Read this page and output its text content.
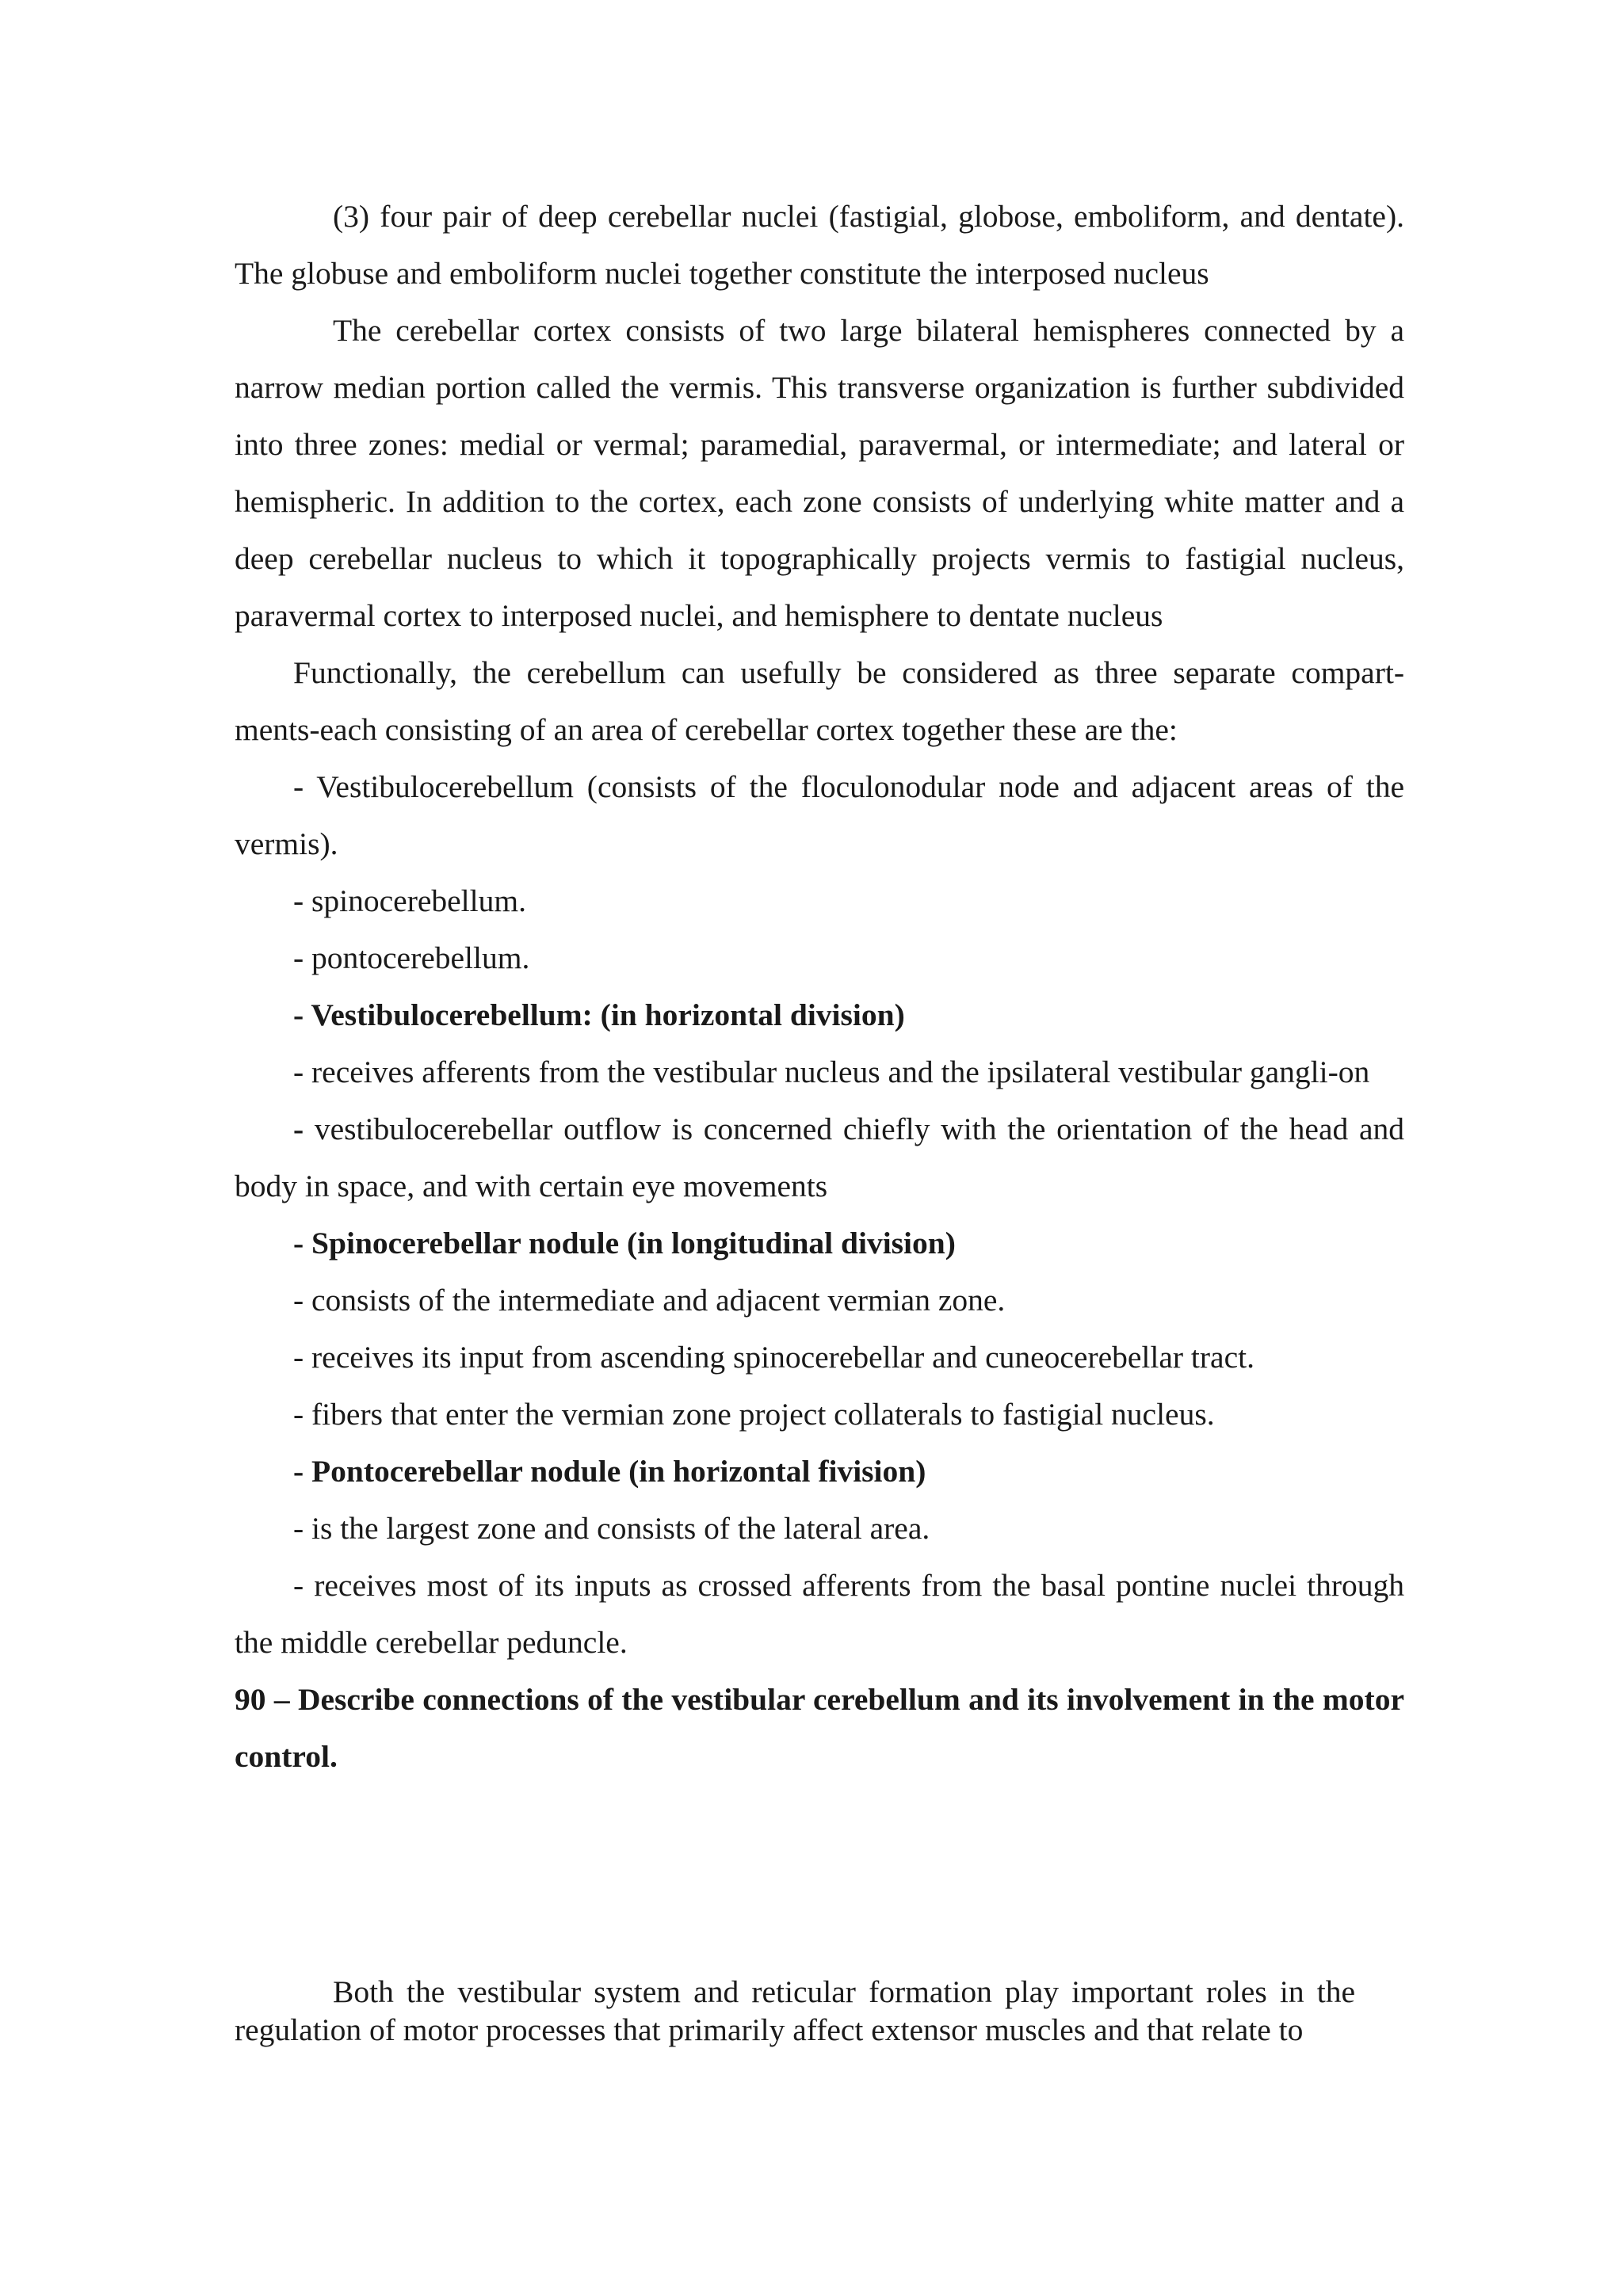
(3) four pair of deep cerebellar nuclei (fastigial, globose, emboliform, and dentate). The globuse and emboliform nuclei together constitute the interposed nucleus

The cerebellar cortex consists of two large bilateral hemispheres connected by a narrow median portion called the vermis. This transverse organization is further subdivided into three zones: medial or vermal; paramedial, paravermal, or intermediate; and lateral or hemispheric. In addition to the cortex, each zone consists of underlying white matter and a deep cerebellar nucleus to which it topographically projects vermis to fastigial nucleus, paravermal cortex to interposed nuclei, and hemisphere to dentate nucleus

Functionally, the cerebellum can usefully be considered as three separate compart-ments-each consisting of an area of cerebellar cortex together these are the:

- Vestibulocerebellum (consists of the floculonodular node and adjacent areas of the vermis).

- spinocerebellum.

- pontocerebellum.

- Vestibulocerebellum: (in horizontal division)

- receives afferents from the vestibular nucleus and the ipsilateral vestibular gangli-on

- vestibulocerebellar outflow is concerned chiefly with the orientation of the head and body in space, and with certain eye movements

- Spinocerebellar nodule (in longitudinal division)

- consists of the intermediate and adjacent vermian zone.

- receives its input from ascending spinocerebellar and cuneocerebellar tract.

- fibers that enter the vermian zone project collaterals to fastigial nucleus.

- Pontocerebellar nodule (in horizontal fivision)

- is the largest zone and consists of the lateral area.

- receives most of its inputs as crossed afferents from the basal pontine nuclei through the middle cerebellar peduncle.

90 – Describe connections of the vestibular cerebellum and its involvement in the motor control.

Both the vestibular system and reticular formation play important roles in the regulation of motor processes that primarily affect extensor muscles and that relate to
